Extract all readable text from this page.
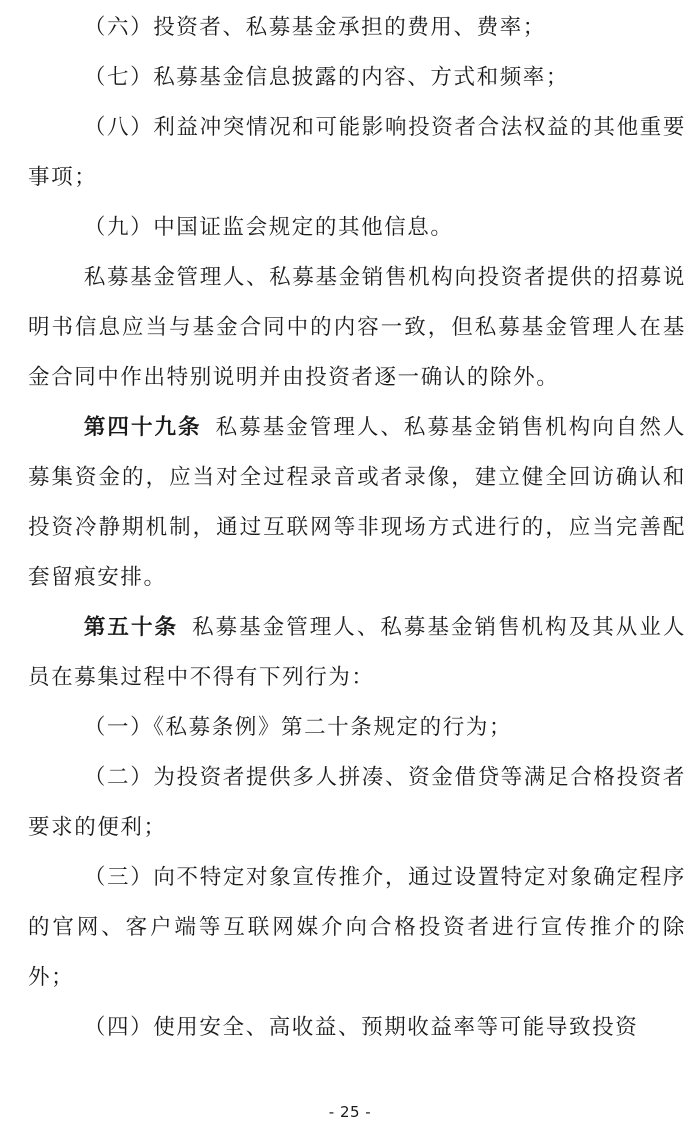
（六）投资者、私募基金承担的费用、费率；

（七）私募基金信息披露的内容、方式和频率；

（八）利益冲突情况和可能影响投资者合法权益的其他重要事项；

（九）中国证监会规定的其他信息。

私募基金管理人、私募基金销售机构向投资者提供的招募说明书信息应当与基金合同中的内容一致，但私募基金管理人在基金合同中作出特别说明并由投资者逐一确认的除外。

第四十九条 私募基金管理人、私募基金销售机构向自然人募集资金的，应当对全过程录音或者录像，建立健全回访确认和投资冷静期机制，通过互联网等非现场方式进行的，应当完善配套留痕安排。

第五十条 私募基金管理人、私募基金销售机构及其从业人员在募集过程中不得有下列行为：

（一）《私募条例》第二十条规定的行为；

（二）为投资者提供多人拼凑、资金借贷等满足合格投资者要求的便利；

（三）向不特定对象宣传推介，通过设置特定对象确定程序的官网、客户端等互联网媒介向合格投资者进行宣传推介的除外；

（四）使用安全、高收益、预期收益率等可能导致投资

- 25 -
